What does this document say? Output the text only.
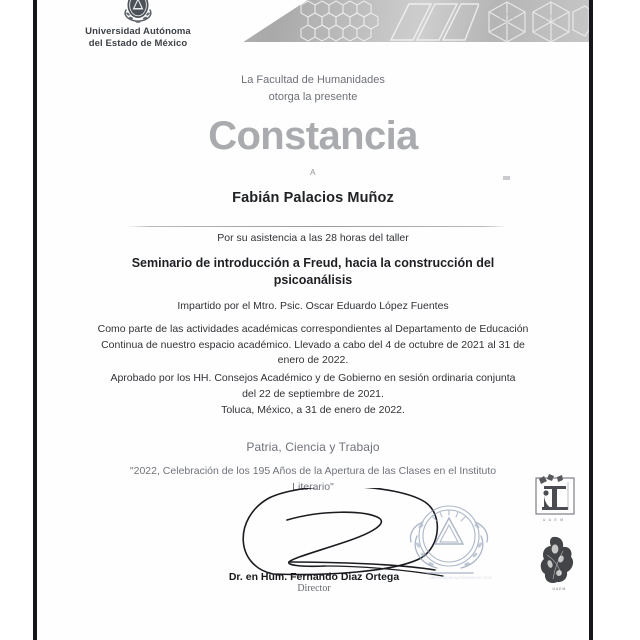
Universidad Autónoma
del Estado de México
La Facultad de Humanidades
otorga la presente
Constancia
A
Fabián Palacios Muñoz
Por su asistencia a las 28 horas del taller
Seminario de introducción a Freud, hacia la construcción del psicoanálisis
Impartido por el Mtro. Psic. Oscar Eduardo López Fuentes
Como parte de las actividades académicas correspondientes al Departamento de Educación Continua de nuestro espacio académico. Llevado a cabo del 4 de octubre de 2021 al 31 de enero de 2022.
Aprobado por los HH. Consejos Académico y de Gobierno en sesión ordinaria conjunta del 22 de septiembre de 2021.
Toluca, México, a 31 de enero de 2022.
Patria, Ciencia y Trabajo
"2022, Celebración de los 195 Años de la Apertura de las Clases en el Instituto Literario"
Dr. en Hum. Fernando Díaz Ortega
Director
UNIVERSIDAD AUTONOMA DEL EDO
U A E M
U A E M
